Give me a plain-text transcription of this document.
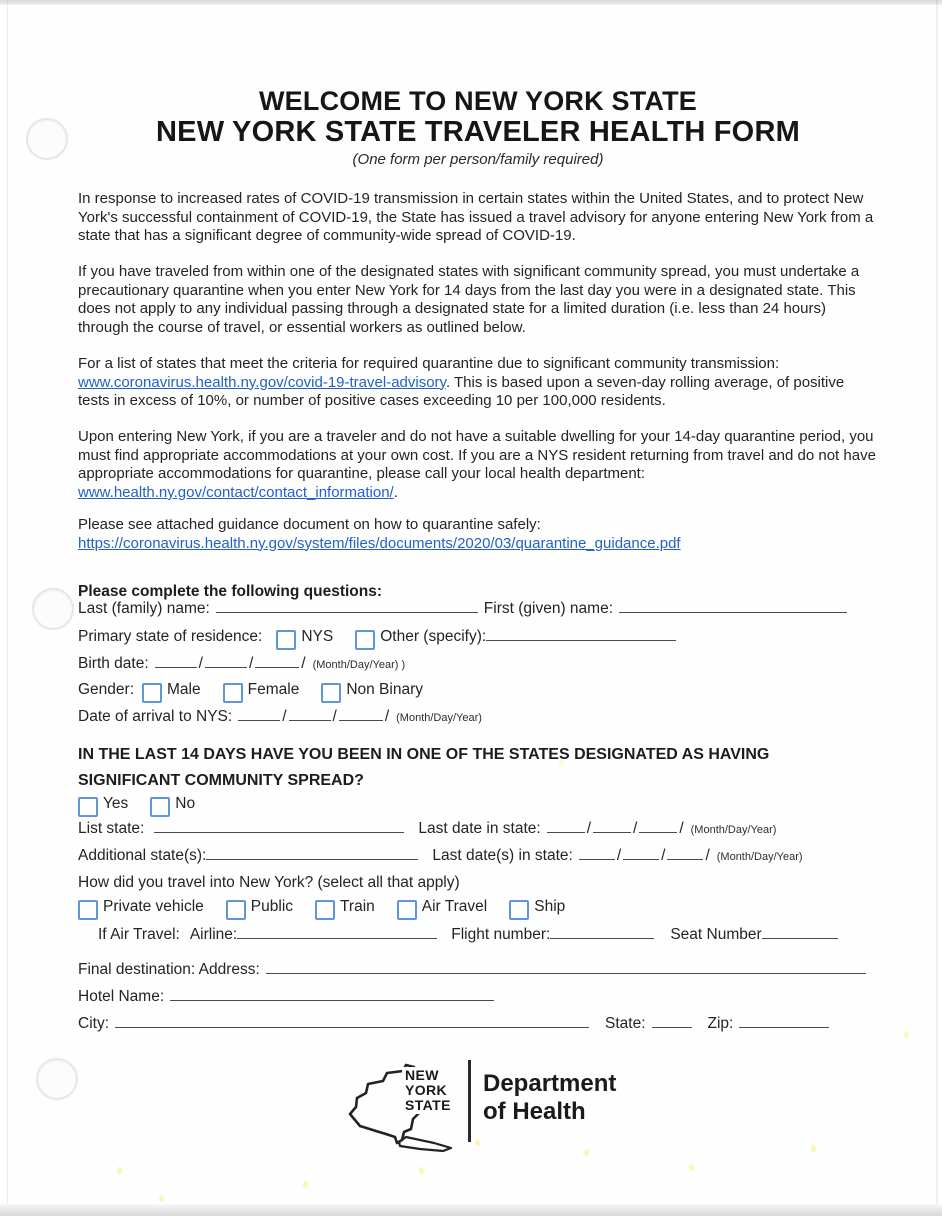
WELCOME TO NEW YORK STATE
NEW YORK STATE TRAVELER HEALTH FORM
(One form per person/family required)
In response to increased rates of COVID-19 transmission in certain states within the United States, and to protect New York's successful containment of COVID-19, the State has issued a travel advisory for anyone entering New York from a state that has a significant degree of community-wide spread of COVID-19.
If you have traveled from within one of the designated states with significant community spread, you must undertake a precautionary quarantine when you enter New York for 14 days from the last day you were in a designated state. This does not apply to any individual passing through a designated state for a limited duration (i.e. less than 24 hours) through the course of travel, or essential workers as outlined below.
For a list of states that meet the criteria for required quarantine due to significant community transmission: www.coronavirus.health.ny.gov/covid-19-travel-advisory. This is based upon a seven-day rolling average, of positive tests in excess of 10%, or number of positive cases exceeding 10 per 100,000 residents.
Upon entering New York, if you are a traveler and do not have a suitable dwelling for your 14-day quarantine period, you must find appropriate accommodations at your own cost. If you are a NYS resident returning from travel and do not have appropriate accommodations for quarantine, please call your local health department: www.health.ny.gov/contact/contact_information/.
Please see attached guidance document on how to quarantine safely:
https://coronavirus.health.ny.gov/system/files/documents/2020/03/quarantine_guidance.pdf
Please complete the following questions:
Last (family) name:	First (given) name:
Primary state of residence:	NYS	Other (specify):
Birth date:	/	/	/ (Month/Day/Year) )
Gender: Male	Female	Non Binary
Date of arrival to NYS:	/	/	/ (Month/Day/Year)
IN THE LAST 14 DAYS HAVE YOU BEEN IN ONE OF THE STATES DESIGNATED AS HAVING
SIGNIFICANT COMMUNITY SPREAD?
Yes	No
List state:	Last date in state:	/	/	/ (Month/Day/Year)
Additional state(s):	Last date(s) in state:	/	/	/ (Month/Day/Year)
How did you travel into New York? (select all that apply)
Private vehicle	Public	Train	Air Travel	Ship
If Air Travel: Airline:	Flight number:	Seat Number
Final destination: Address:
Hotel Name:
City:	State:	Zip:
NEW
YORK
STATE
Department
of Health
